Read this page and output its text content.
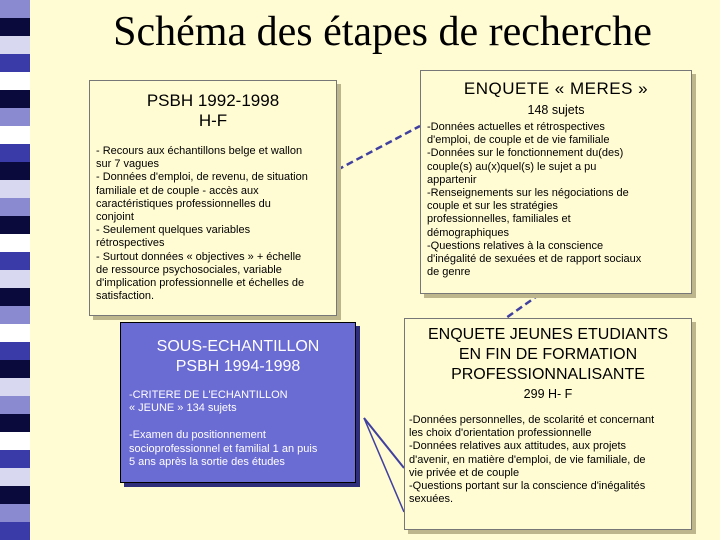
Schéma des étapes de recherche
PSBH 1992-1998
H-F
- Recours aux échantillons belge et wallon
sur 7 vagues
- Données d'emploi, de revenu, de situation
familiale et de couple - accès aux
caractéristiques professionnelles du
conjoint
- Seulement quelques variables
rétrospectives
- Surtout données « objectives » + échelle
de ressource psychosociales, variable
d'implication professionnelle et échelles de
satisfaction.
ENQUETE « MERES »
148 sujets
-Données actuelles et rétrospectives
d'emploi, de couple et de vie familiale
-Données sur le fonctionnement du(des)
couple(s) au(x)quel(s) le sujet a pu
appartenir
-Renseignements sur les négociations de
couple et sur les stratégies
professionnelles, familiales et
démographiques
-Questions relatives à la conscience
d'inégalité de sexuées et de rapport sociaux
de genre
SOUS-ECHANTILLON
PSBH 1994-1998
-CRITERE DE L'ECHANTILLON
« JEUNE » 134 sujets
-Examen du positionnement
socioprofessionnel et familial 1 an puis
5 ans après la sortie des études
ENQUETE JEUNES ETUDIANTS
EN FIN DE FORMATION
PROFESSIONNALISANTE
299 H- F
-Données personnelles, de scolarité et concernant
les choix d'orientation professionnelle
-Données relatives aux attitudes, aux projets
d'avenir, en matière d'emploi, de vie familiale, de
vie privée et de couple
-Questions portant sur la conscience d'inégalités
sexuées.
